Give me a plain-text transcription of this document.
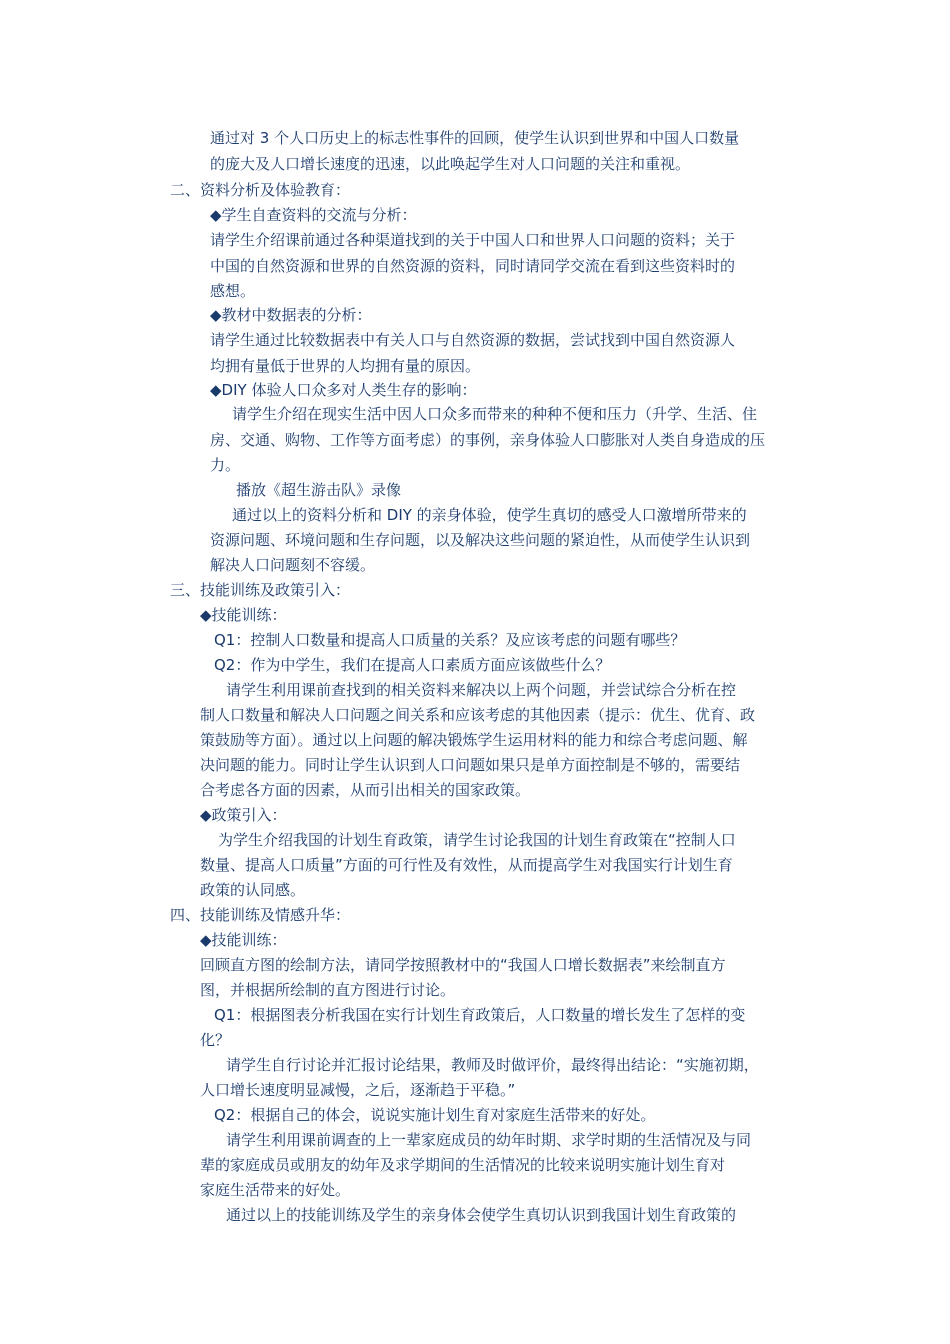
通过对 3 个人口历史上的标志性事件的回顾，使学生认识到世界和中国人口数量
的庞大及人口增长速度的迅速，以此唤起学生对人口问题的关注和重视。
二、资料分析及体验教育：
◆学生自查资料的交流与分析：
请学生介绍课前通过各种渠道找到的关于中国人口和世界人口问题的资料；关于
中国的自然资源和世界的自然资源的资料，同时请同学交流在看到这些资料时的
感想。
◆教材中数据表的分析：
请学生通过比较数据表中有关人口与自然资源的数据，尝试找到中国自然资源人
均拥有量低于世界的人均拥有量的原因。
◆DIY 体验人口众多对人类生存的影响：
请学生介绍在现实生活中因人口众多而带来的种种不便和压力（升学、生活、住
房、交通、购物、工作等方面考虑）的事例，亲身体验人口膨胀对人类自身造成的压
力。
播放《超生游击队》录像
通过以上的资料分析和 DIY 的亲身体验，使学生真切的感受人口激增所带来的
资源问题、环境问题和生存问题，以及解决这些问题的紧迫性，从而使学生认识到
解决人口问题刻不容缓。
三、技能训练及政策引入：
◆技能训练：
Q1：控制人口数量和提高人口质量的关系？及应该考虑的问题有哪些？
Q2：作为中学生，我们在提高人口素质方面应该做些什么？
请学生利用课前查找到的相关资料来解决以上两个问题，并尝试综合分析在控
制人口数量和解决人口问题之间关系和应该考虑的其他因素（提示：优生、优育、政
策鼓励等方面）。通过以上问题的解决锻炼学生运用材料的能力和综合考虑问题、解
决问题的能力。同时让学生认识到人口问题如果只是单方面控制是不够的，需要结
合考虑各方面的因素，从而引出相关的国家政策。
◆政策引入：
为学生介绍我国的计划生育政策，请学生讨论我国的计划生育政策在“控制人口
数量、提高人口质量”方面的可行性及有效性，从而提高学生对我国实行计划生育
政策的认同感。
四、技能训练及情感升华：
◆技能训练：
回顾直方图的绘制方法，请同学按照教材中的“我国人口增长数据表”来绘制直方
图，并根据所绘制的直方图进行讨论。
Q1：根据图表分析我国在实行计划生育政策后，人口数量的增长发生了怎样的变
化？
请学生自行讨论并汇报讨论结果，教师及时做评价，最终得出结论：“实施初期，
人口增长速度明显减慢，之后，逐渐趋于平稳。”
Q2：根据自己的体会，说说实施计划生育对家庭生活带来的好处。
请学生利用课前调查的上一辈家庭成员的幼年时期、求学时期的生活情况及与同
辈的家庭成员或朋友的幼年及求学期间的生活情况的比较来说明实施计划生育对
家庭生活带来的好处。
通过以上的技能训练及学生的亲身体会使学生真切认识到我国计划生育政策的
